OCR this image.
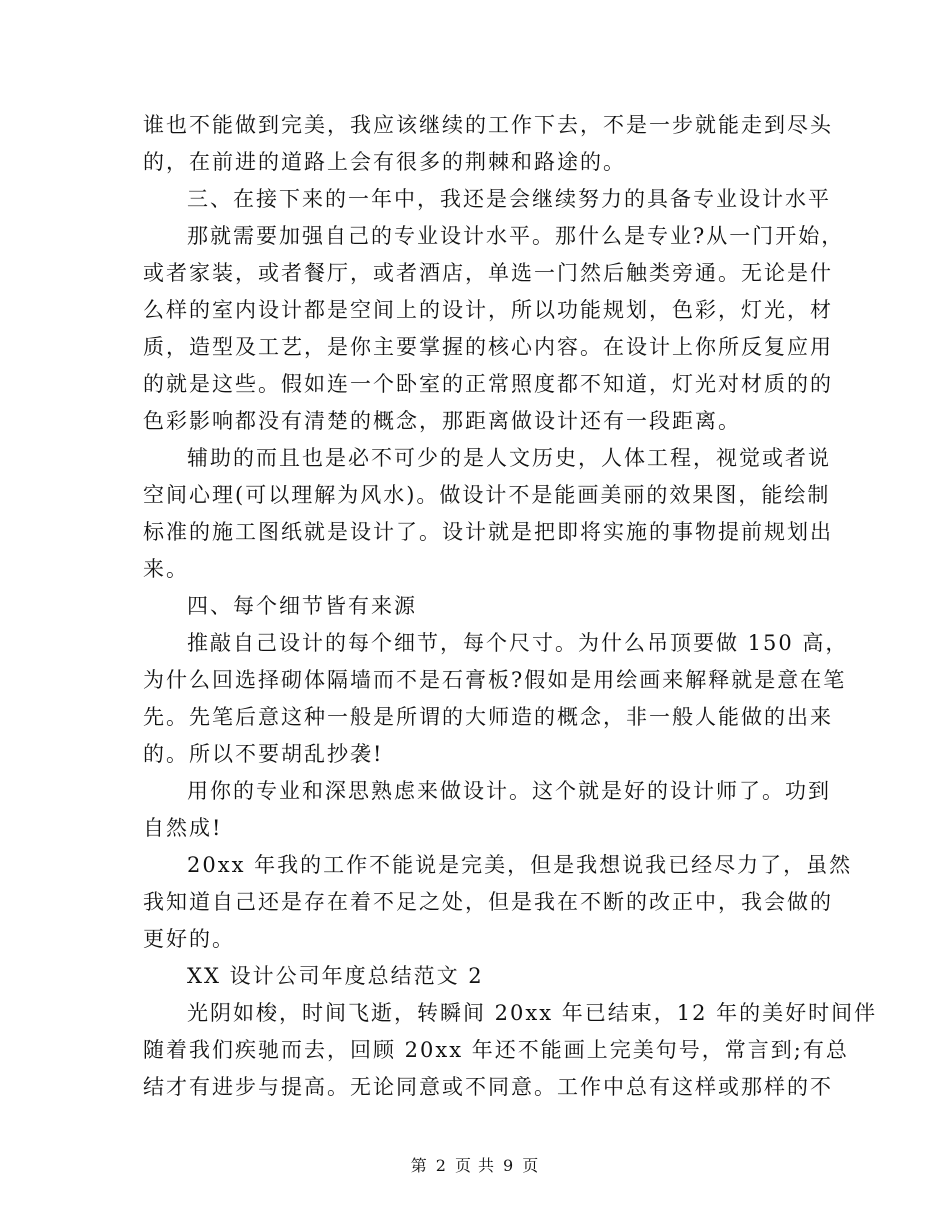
谁也不能做到完美，我应该继续的工作下去，不是一步就能走到尽头
的，在前进的道路上会有很多的荆棘和路途的。

三、在接下来的一年中，我还是会继续努力的具备专业设计水平

那就需要加强自己的专业设计水平。那什么是专业?从一门开始，
或者家装，或者餐厅，或者酒店，单选一门然后触类旁通。无论是什
么样的室内设计都是空间上的设计，所以功能规划，色彩，灯光，材
质，造型及工艺，是你主要掌握的核心内容。在设计上你所反复应用
的就是这些。假如连一个卧室的正常照度都不知道，灯光对材质的的
色彩影响都没有清楚的概念，那距离做设计还有一段距离。

辅助的而且也是必不可少的是人文历史，人体工程，视觉或者说
空间心理(可以理解为风水)。做设计不是能画美丽的效果图，能绘制
标准的施工图纸就是设计了。设计就是把即将实施的事物提前规划出
来。

四、每个细节皆有来源

推敲自己设计的每个细节，每个尺寸。为什么吊顶要做 150 高，
为什么回选择砌体隔墙而不是石膏板?假如是用绘画来解释就是意在笔
先。先笔后意这种一般是所谓的大师造的概念，非一般人能做的出来
的。所以不要胡乱抄袭!

用你的专业和深思熟虑来做设计。这个就是好的设计师了。功到
自然成!

20xx 年我的工作不能说是完美，但是我想说我已经尽力了，虽然
我知道自己还是存在着不足之处，但是我在不断的改正中，我会做的
更好的。

XX 设计公司年度总结范文 2

光阴如梭，时间飞逝，转瞬间 20xx 年已结束，12 年的美好时间伴
随着我们疾驰而去，回顾 20xx 年还不能画上完美句号，常言到;有总
结才有进步与提高。无论同意或不同意。工作中总有这样或那样的不

第 2 页 共 9 页
